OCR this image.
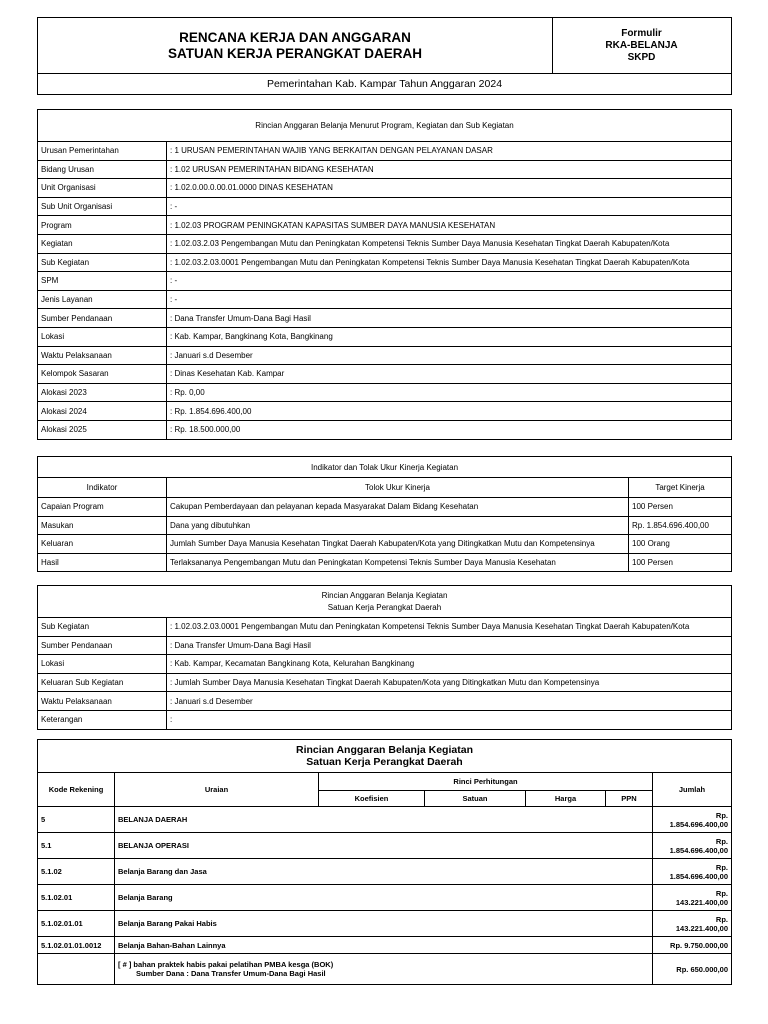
RENCANA KERJA DAN ANGGARAN
SATUAN KERJA PERANGKAT DAERAH
Formulir
RKA-BELANJA
SKPD
Pemerintahan Kab. Kampar Tahun Anggaran 2024
Rincian Anggaran Belanja Menurut Program, Kegiatan dan Sub Kegiatan	
Urusan Pemerintahan	: 1 URUSAN PEMERINTAHAN WAJIB YANG BERKAITAN DENGAN PELAYANAN DASAR
Bidang Urusan	: 1.02 URUSAN PEMERINTAHAN BIDANG KESEHATAN
Unit Organisasi	: 1.02.0.00.0.00.01.0000 DINAS KESEHATAN
Sub Unit Organisasi	: -
Program	: 1.02.03 PROGRAM PENINGKATAN KAPASITAS SUMBER DAYA MANUSIA KESEHATAN
Kegiatan	: 1.02.03.2.03 Pengembangan Mutu dan Peningkatan Kompetensi Teknis Sumber Daya Manusia Kesehatan Tingkat Daerah Kabupaten/Kota
Sub Kegiatan	: 1.02.03.2.03.0001 Pengembangan Mutu dan Peningkatan Kompetensi Teknis Sumber Daya Manusia Kesehatan Tingkat Daerah Kabupaten/Kota
SPM	: -
Jenis Layanan	: -
Sumber Pendanaan	: Dana Transfer Umum-Dana Bagi Hasil
Lokasi	: Kab. Kampar, Bangkinang Kota, Bangkinang
Waktu Pelaksanaan	: Januari s.d Desember
Kelompok Sasaran	: Dinas Kesehatan Kab. Kampar
Alokasi 2023	: Rp. 0,00
Alokasi 2024	: Rp. 1.854.696.400,00
Alokasi 2025	: Rp. 18.500.000,00
Indikator dan Tolak Ukur Kinerja Kegiatan		
Indikator	Tolok Ukur Kinerja	Target Kinerja
Capaian Program	Cakupan Pemberdayaan dan pelayanan kepada Masyarakat Dalam Bidang Kesehatan	100 Persen
Masukan	Dana yang dibutuhkan	Rp. 1.854.696.400,00
Keluaran	Jumlah Sumber Daya Manusia Kesehatan Tingkat Daerah Kabupaten/Kota yang Ditingkatkan Mutu dan Kompetensinya	100 Orang
Hasil	Terlaksananya Pengembangan Mutu dan Peningkatan Kompetensi Teknis Sumber Daya Manusia Kesehatan	100 Persen
Rincian Anggaran Belanja Kegiatan
Satuan Kerja Perangkat Daerah	

Sub Kegiatan	: 1.02.03.2.03.0001 Pengembangan Mutu dan Peningkatan Kompetensi Teknis Sumber Daya Manusia Kesehatan Tingkat Daerah Kabupaten/Kota
Sumber Pendanaan	: Dana Transfer Umum-Dana Bagi Hasil
Lokasi	: Kab. Kampar, Kecamatan Bangkinang Kota, Kelurahan Bangkinang
Keluaran Sub Kegiatan	: Jumlah Sumber Daya Manusia Kesehatan Tingkat Daerah Kabupaten/Kota yang Ditingkatkan Mutu dan Kompetensinya
Waktu Pelaksanaan	: Januari s.d Desember
Keterangan	:
Rincian Anggaran Belanja Kegiatan
Satuan Kerja Perangkat Daerah						

Kode Rekening	Uraian	Rinci Perhitungan				Jumlah
		Koefisien	Satuan	Harga	PPN	
5	BELANJA DAERAH					Rp.
1.854.696.400,00

5.1	BELANJA OPERASI					Rp.
1.854.696.400,00

5.1.02	Belanja Barang dan Jasa					Rp.
1.854.696.400,00

5.1.02.01	Belanja Barang					Rp.
143.221.400,00

5.1.02.01.01	Belanja Barang Pakai Habis					Rp.
143.221.400,00

5.1.02.01.01.0012	Belanja Bahan-Bahan Lainnya					Rp. 9.750.000,00

	[ # ] bahan praktek habis pakai pelatihan PMBA kesga (BOK)
Sumber Dana : Dana Transfer Umum-Dana Bagi Hasil					Rp. 650.000,00
